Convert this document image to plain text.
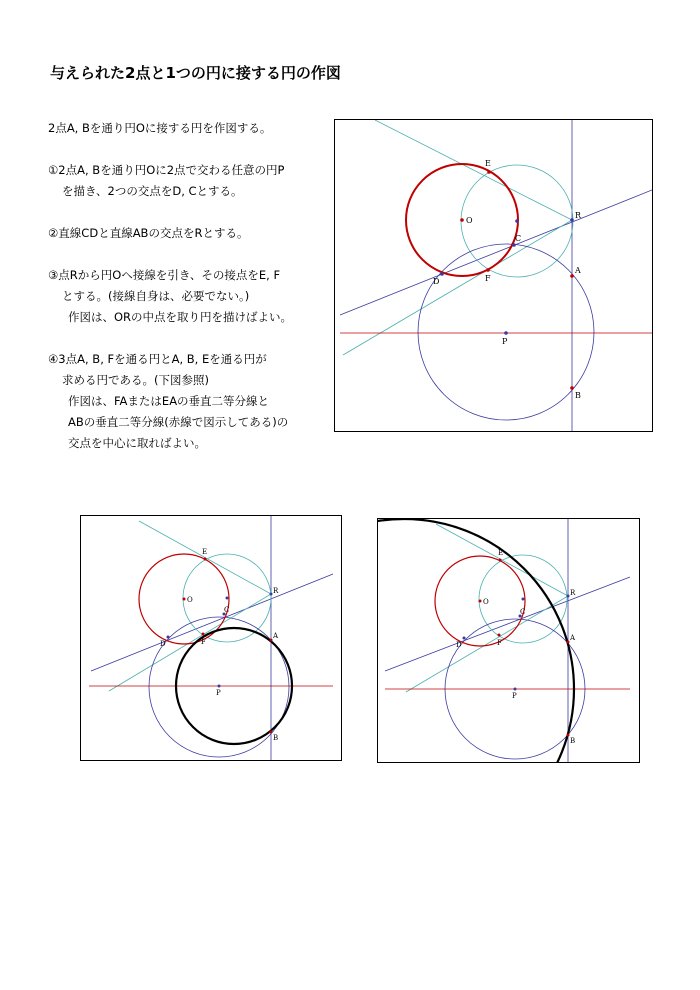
与えられた2点と1つの円に接する円の作図

2点A, Bを通り円Oに接する円を作図する。

①2点A, Bを通り円Oに2点で交わる任意の円P

を描き、2つの交点をD, Cとする。

②直線CDと直線ABの交点をRとする。

③点Rから円Oへ接線を引き、その接点をE, F

とする。(接線自身は、必要でない。)

作図は、ORの中点を取り円を描けばよい。

④3点A, B, Fを通る円とA, B, Eを通る円が

求める円である。(下図参照)

作図は、FAまたはEAの垂直二等分線と

ABの垂直二等分線(赤線で図示してある)の

交点を中心に取ればよい。

E
O
R
C
D	F
A
P
B
E
O
R
C
D	F
A
P
B
E
O
R
C
D	F
A
P
B
